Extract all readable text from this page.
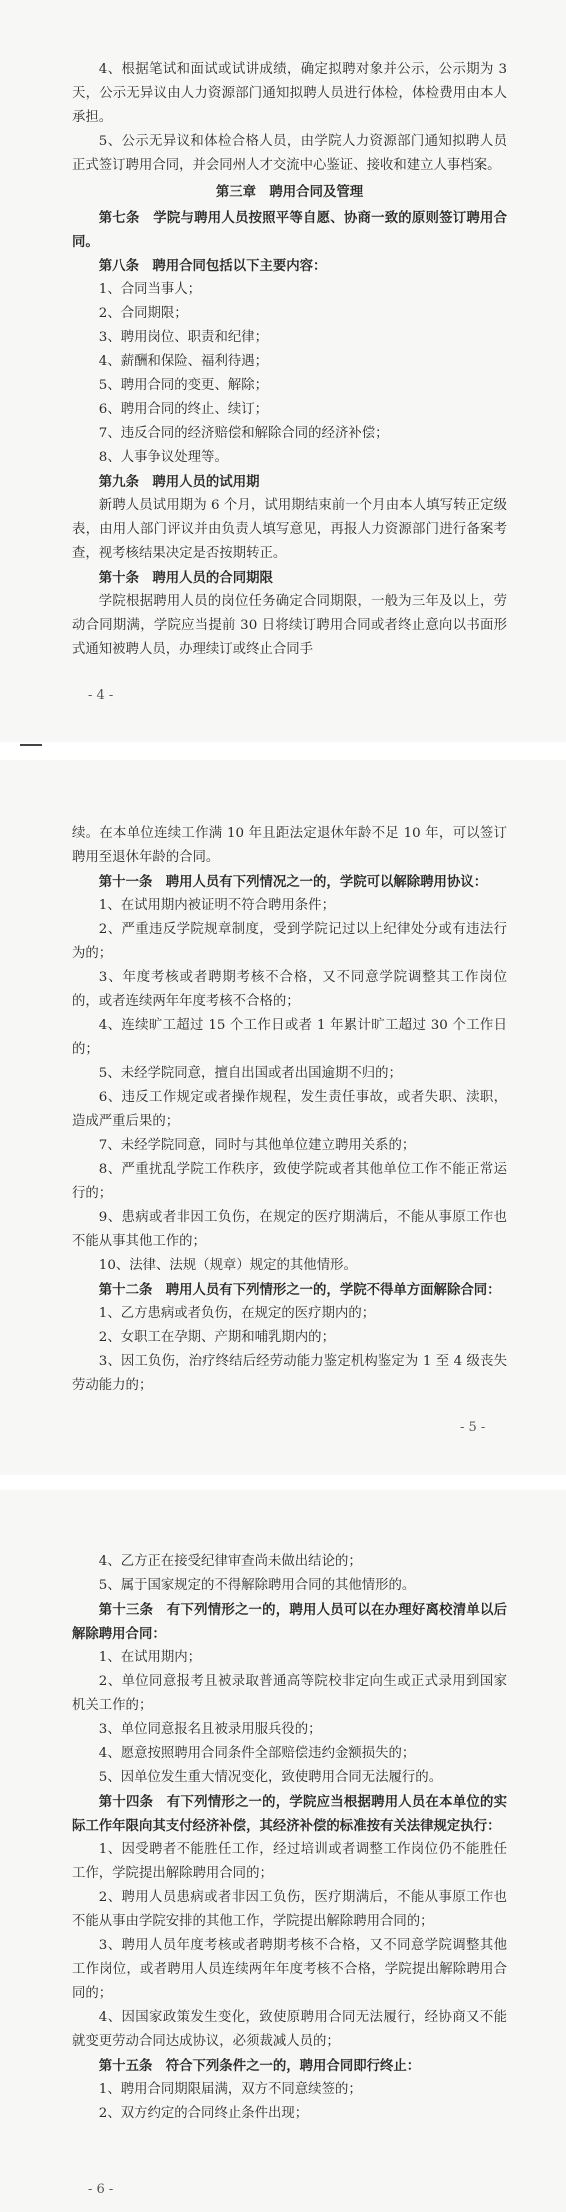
4、根据笔试和面试或试讲成绩，确定拟聘对象并公示，公示期为 3 天，公示无异议由人力资源部门通知拟聘人员进行体检，体检费用由本人承担。

5、公示无异议和体检合格人员，由学院人力资源部门通知拟聘人员正式签订聘用合同，并会同州人才交流中心鉴证、接收和建立人事档案。

第三章　聘用合同及管理

第七条　学院与聘用人员按照平等自愿、协商一致的原则签订聘用合同。

第八条　聘用合同包括以下主要内容：

1、合同当事人；

2、合同期限；

3、聘用岗位、职责和纪律；

4、薪酬和保险、福利待遇；

5、聘用合同的变更、解除；

6、聘用合同的终止、续订；

7、违反合同的经济赔偿和解除合同的经济补偿；

8、人事争议处理等。

第九条　聘用人员的试用期

新聘人员试用期为 6 个月，试用期结束前一个月由本人填写转正定级表，由用人部门评议并由负责人填写意见，再报人力资源部门进行备案考查，视考核结果决定是否按期转正。

第十条　聘用人员的合同期限

学院根据聘用人员的岗位任务确定合同期限，一般为三年及以上，劳动合同期满，学院应当提前 30 日将续订聘用合同或者终止意向以书面形式通知被聘人员，办理续订或终止合同手

- 4 -

续。在本单位连续工作满 10 年且距法定退休年龄不足 10 年，可以签订聘用至退休年龄的合同。

第十一条　聘用人员有下列情况之一的，学院可以解除聘用协议：

1、在试用期内被证明不符合聘用条件；

2、严重违反学院规章制度，受到学院记过以上纪律处分或有违法行为的；

3、年度考核或者聘期考核不合格，又不同意学院调整其工作岗位的，或者连续两年年度考核不合格的；

4、连续旷工超过 15 个工作日或者 1 年累计旷工超过 30 个工作日的；

5、未经学院同意，擅自出国或者出国逾期不归的；

6、违反工作规定或者操作规程，发生责任事故，或者失职、渎职，造成严重后果的；

7、未经学院同意，同时与其他单位建立聘用关系的；

8、严重扰乱学院工作秩序，致使学院或者其他单位工作不能正常运行的；

9、患病或者非因工负伤，在规定的医疗期满后，不能从事原工作也不能从事其他工作的；

10、法律、法规（规章）规定的其他情形。

第十二条　聘用人员有下列情形之一的，学院不得单方面解除合同：

1、乙方患病或者负伤，在规定的医疗期内的；

2、女职工在孕期、产期和哺乳期内的；

3、因工负伤，治疗终结后经劳动能力鉴定机构鉴定为 1 至 4 级丧失劳动能力的；

- 5 -

4、乙方正在接受纪律审查尚未做出结论的；

5、属于国家规定的不得解除聘用合同的其他情形的。

第十三条　有下列情形之一的，聘用人员可以在办理好离校清单以后解除聘用合同：

1、在试用期内；

2、单位同意报考且被录取普通高等院校非定向生或正式录用到国家机关工作的；

3、单位同意报名且被录用服兵役的；

4、愿意按照聘用合同条件全部赔偿违约金额损失的；

5、因单位发生重大情况变化，致使聘用合同无法履行的。

第十四条　有下列情形之一的，学院应当根据聘用人员在本单位的实际工作年限向其支付经济补偿，其经济补偿的标准按有关法律规定执行：

1、因受聘者不能胜任工作，经过培训或者调整工作岗位仍不能胜任工作，学院提出解除聘用合同的；

2、聘用人员患病或者非因工负伤，医疗期满后，不能从事原工作也不能从事由学院安排的其他工作，学院提出解除聘用合同的；

3、聘用人员年度考核或者聘期考核不合格，又不同意学院调整其他工作岗位，或者聘用人员连续两年年度考核不合格，学院提出解除聘用合同的；

4、因国家政策发生变化，致使原聘用合同无法履行，经协商又不能就变更劳动合同达成协议，必须裁减人员的；

第十五条　符合下列条件之一的，聘用合同即行终止：

1、聘用合同期限届满，双方不同意续签的；

2、双方约定的合同终止条件出现；

- 6 -
